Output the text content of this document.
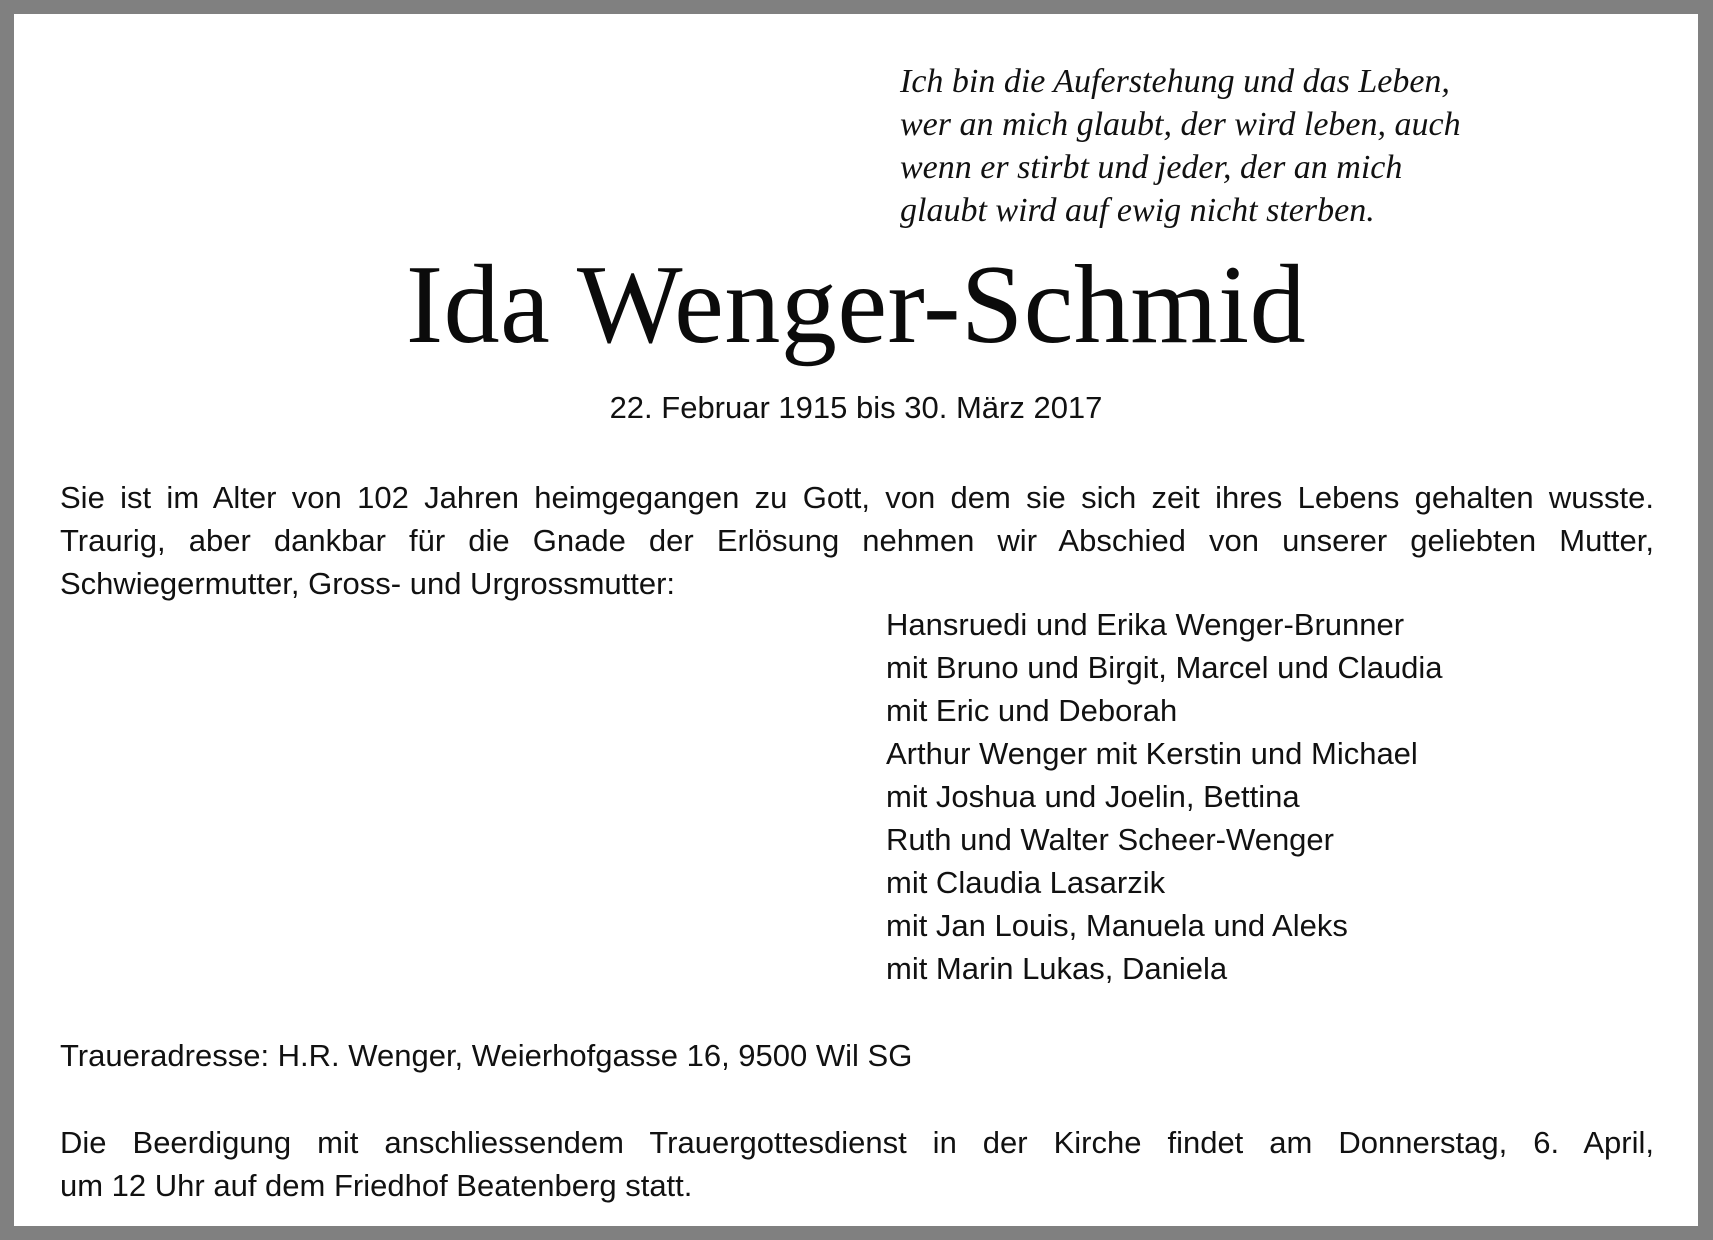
Ich bin die Auferstehung und das Leben,
wer an mich glaubt, der wird leben, auch
wenn er stirbt und jeder, der an mich
glaubt wird auf ewig nicht sterben.
Ida Wenger-Schmid
22. Februar 1915 bis 30. März 2017
Sie ist im Alter von 102 Jahren heimgegangen zu Gott, von dem sie sich zeit ihres Lebens gehalten wusste.
Traurig, aber dankbar für die Gnade der Erlösung nehmen wir Abschied von unserer geliebten Mutter,
Schwiegermutter, Gross- und Urgrossmutter:
Hansruedi und Erika Wenger-Brunner
mit Bruno und Birgit, Marcel und Claudia
mit Eric und Deborah
Arthur Wenger mit Kerstin und Michael
mit Joshua und Joelin, Bettina
Ruth und Walter Scheer-Wenger
mit Claudia Lasarzik
mit Jan Louis, Manuela und Aleks
mit Marin Lukas, Daniela
Traueradresse: H.R. Wenger, Weierhofgasse 16, 9500 Wil SG
Die Beerdigung mit anschliessendem Trauergottesdienst in der Kirche findet am Donnerstag, 6. April,
um 12 Uhr auf dem Friedhof Beatenberg statt.
